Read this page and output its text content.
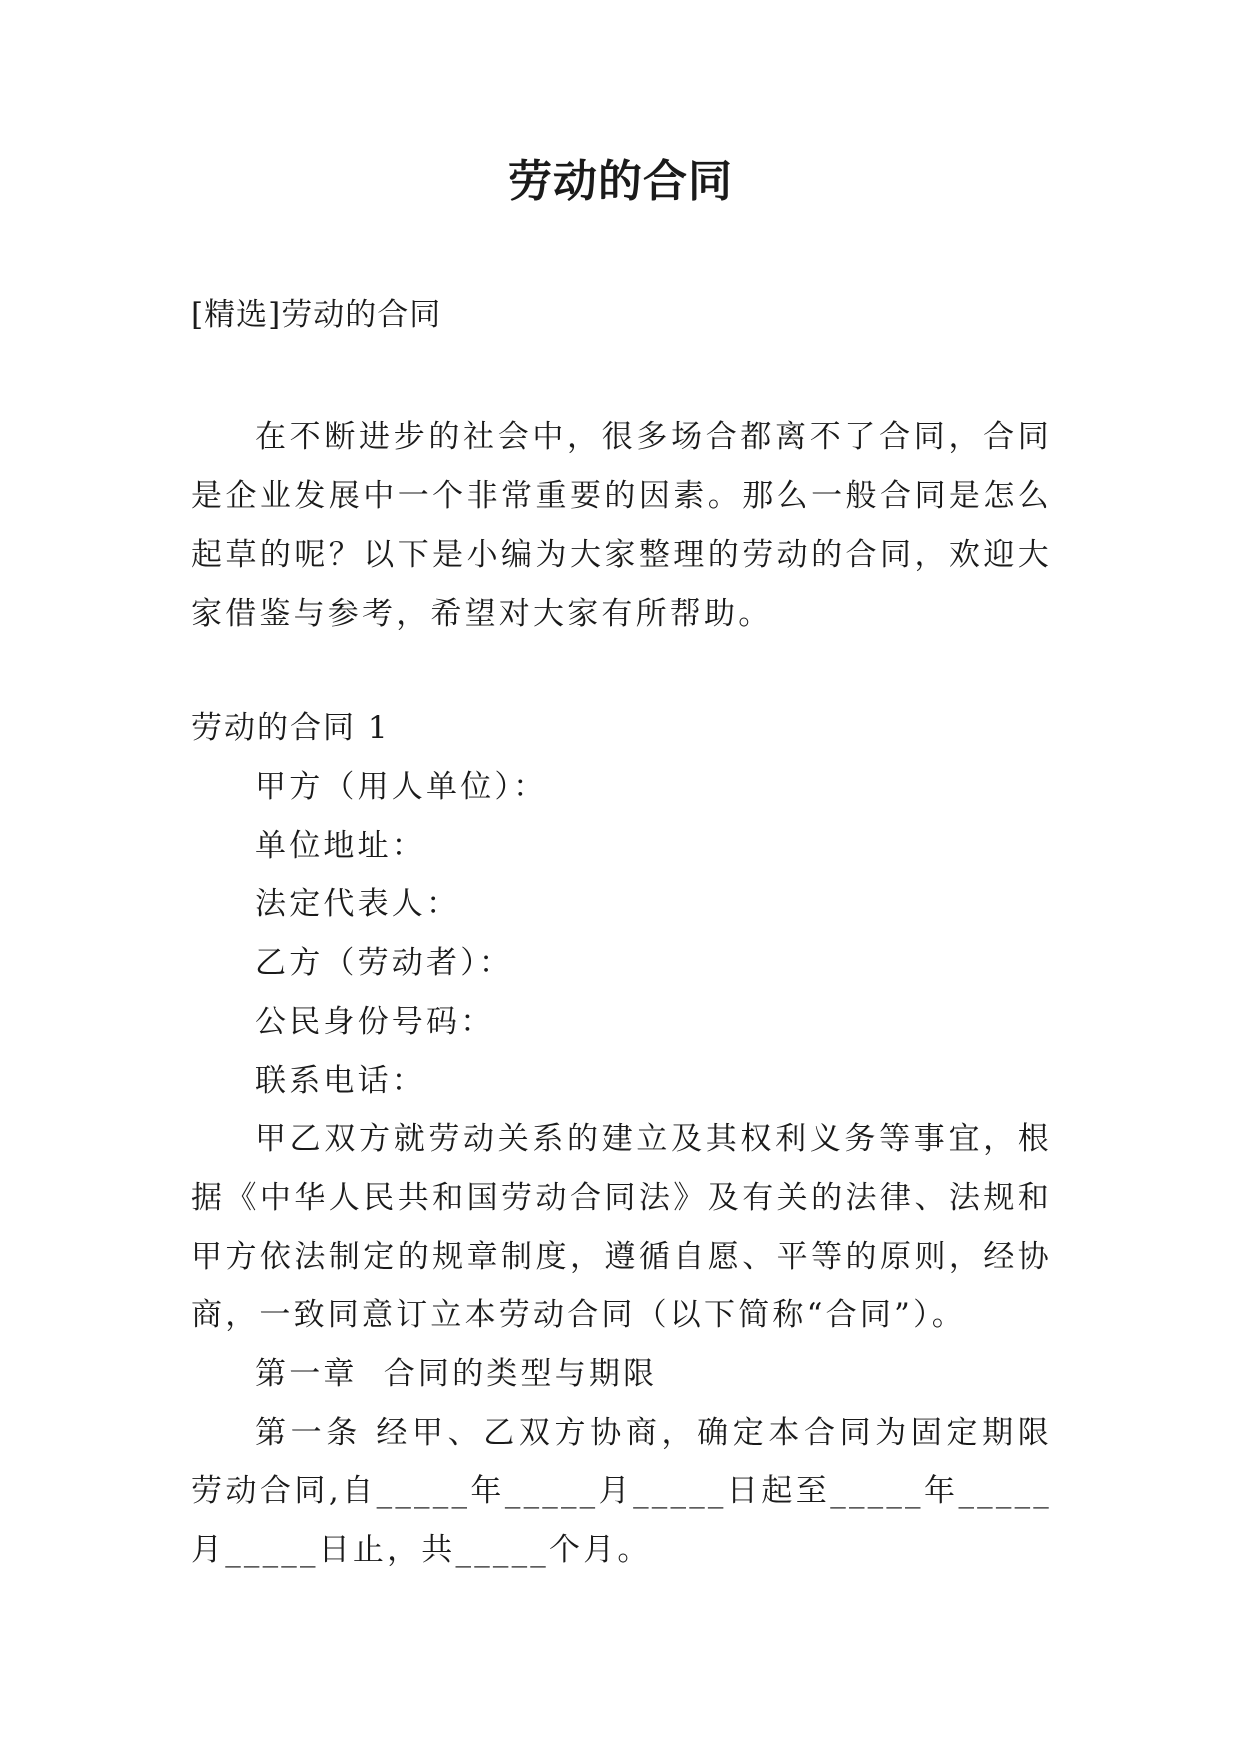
劳动的合同
[精选]劳动的合同

在不断进步的社会中，很多场合都离不了合同，合同是企业发展中一个非常重要的因素。那么一般合同是怎么起草的呢？以下是小编为大家整理的劳动的合同，欢迎大家借鉴与参考，希望对大家有所帮助。

劳动的合同 1

甲方（用人单位）：

单位地址：

法定代表人：

乙方（劳动者）：

公民身份号码：

联系电话：

甲乙双方就劳动关系的建立及其权利义务等事宜，根据《中华人民共和国劳动合同法》及有关的法律、法规和甲方依法制定的规章制度，遵循自愿、平等的原则，经协商，一致同意订立本劳动合同（以下简称“合同”）。

第一章  合同的类型与期限

第一条 经甲、乙双方协商，确定本合同为固定期限劳动合同,自_____年_____月_____日起至_____年_____月_____日止，共_____个月。
